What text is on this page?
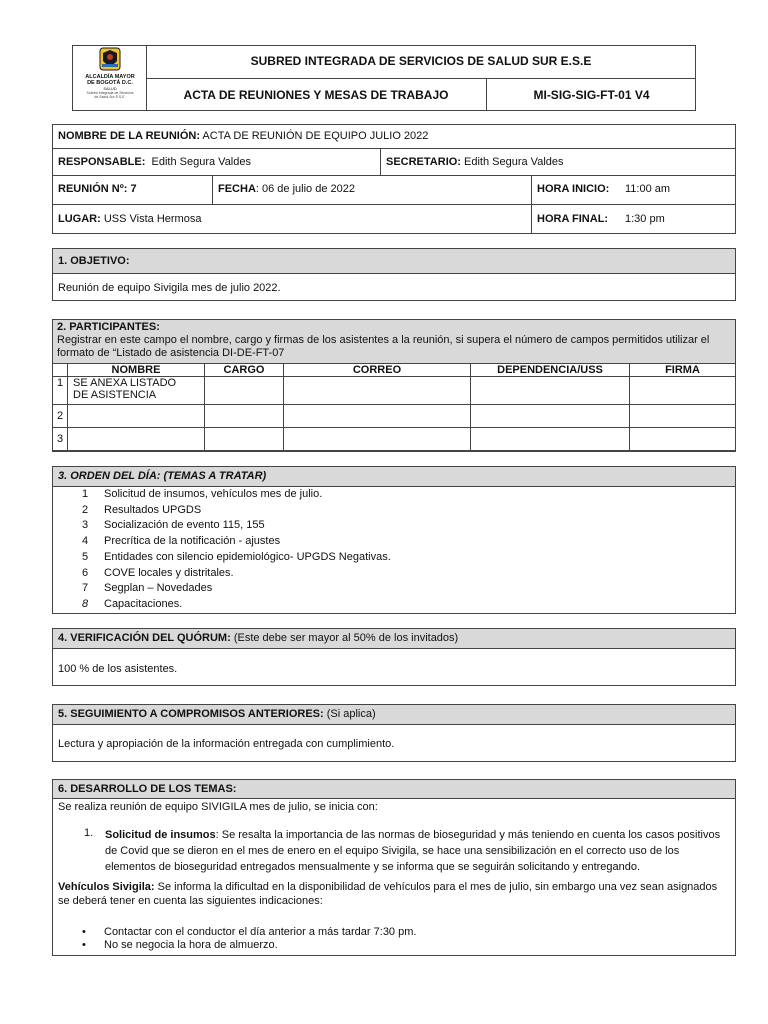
ALCALDÍA MAYOR
DE BOGOTÁ D.C.
SALUD
Subred Integrada de Servicios
de Salud Sur E.S.E.
SUBRED INTEGRADA DE SERVICIOS DE SALUD SUR E.S.E
ACTA DE REUNIONES Y MESAS DE TRABAJO	MI-SIG-SIG-FT-01 V4
NOMBRE DE LA REUNIÓN: ACTA DE REUNIÓN DE EQUIPO JULIO 2022
RESPONSABLE:  Edith Segura Valdes	SECRETARIO: Edith Segura Valdes
REUNIÓN Nº: 7	FECHA: 06 de julio de 2022	HORA INICIO: 11:00 am
LUGAR: USS Vista Hermosa	HORA FINAL: 1:30 pm
1. OBJETIVO:
Reunión de equipo Sivigila mes de julio 2022.
2. PARTICIPANTES:
Registrar en este campo el nombre, cargo y firmas de los asistentes a la reunión, si supera el número de campos permitidos utilizar el
formato de “Listado de asistencia DI-DE-FT-07
	NOMBRE	CARGO	CORREO	DEPENDENCIA/USS	FIRMA
1	SE ANEXA LISTADO
DE ASISTENCIA				

2					
3					
3. ORDEN DEL DÍA: (TEMAS A TRATAR)
1 Solicitud de insumos, vehículos mes de julio.
2 Resultados UPGDS
3 Socialización de evento 115, 155
4 Precrítica de la notificación - ajustes
5 Entidades con silencio epidemiológico- UPGDS Negativas.
6 COVE locales y distritales.
7 Segplan – Novedades
8 Capacitaciones.
4. VERIFICACIÓN DEL QUÓRUM: (Este debe ser mayor al 50% de los invitados)
100 % de los asistentes.
5. SEGUIMIENTO A COMPROMISOS ANTERIORES: (Si aplica)
Lectura y apropiación de la información entregada con cumplimiento.
6. DESARROLLO DE LOS TEMAS:
Se realiza reunión de equipo SIVIGILA mes de julio, se inicia con:
1. Solicitud de insumos: Se resalta la importancia de las normas de bioseguridad y más teniendo en cuenta los casos positivos
de Covid que se dieron en el mes de enero en el equipo Sivigila, se hace una sensibilización en el correcto uso de los
elementos de bioseguridad entregados mensualmente y se informa que se seguirán solicitando y entregando.
Vehículos Sivigila: Se informa la dificultad en la disponibilidad de vehículos para el mes de julio, sin embargo una vez sean asignados
se deberá tener en cuenta las siguientes indicaciones:
• Contactar con el conductor el día anterior a más tardar 7:30 pm.
• No se negocia la hora de almuerzo.
